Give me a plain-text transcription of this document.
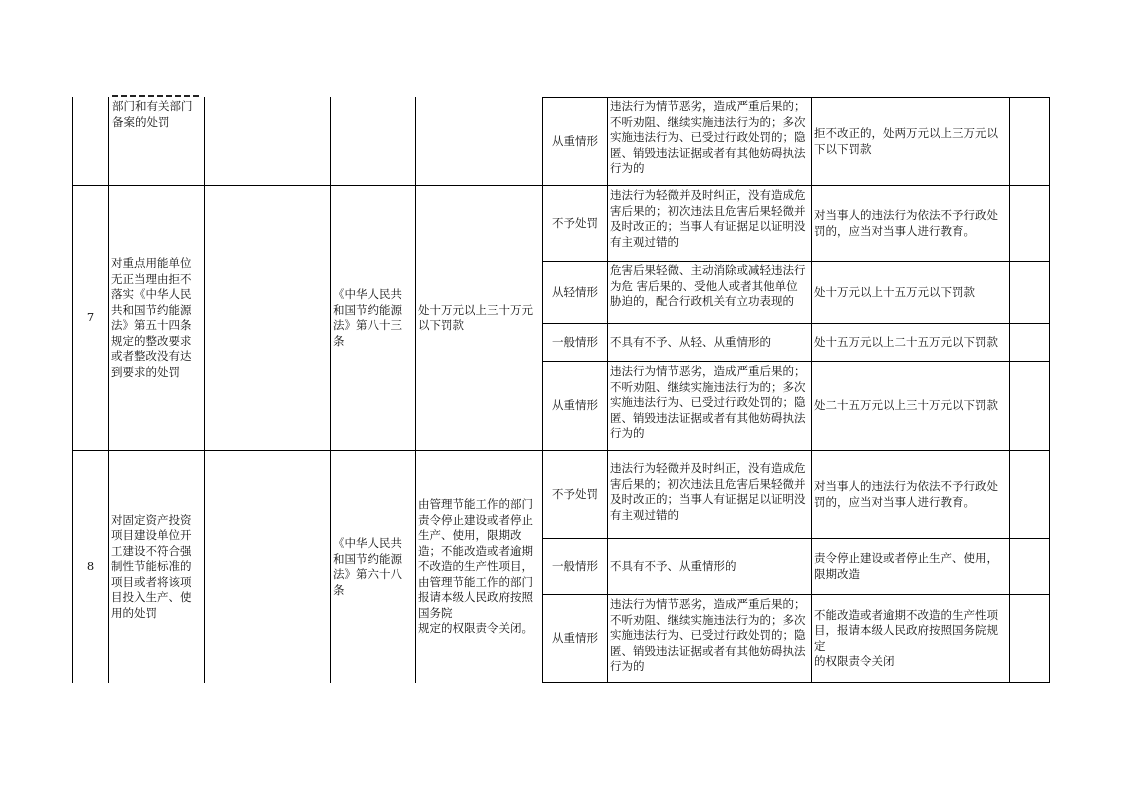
部门和有关部门
备案的处罚
从重情形
违法行为情节恶劣，造成严重后果的；不听劝阻、继续实施违法行为的；多次实施违法行为、已受过行政处罚的；隐匿、销毁违法证据或者有其他妨碍执法行为的
拒不改正的，处两万元以上三万元以下以下罚款
7
对重点用能单位无正当理由拒不落实《中华人民共和国节约能源法》第五十四条规定的整改要求或者整改没有达到要求的处罚
《中华人民共和国节约能源法》第八十三条
处十万元以上三十万元以下罚款
不予处罚
违法行为轻微并及时纠正，没有造成危害后果的；初次违法且危害后果轻微并及时改正的；当事人有证据足以证明没有主观过错的
对当事人的违法行为依法不予行政处罚的，应当对当事人进行教育。
从轻情形
危害后果轻微、主动消除或减轻违法行为危 害后果的、受他人或者其他单位胁迫的，配合行政机关有立功表现的
处十万元以上十五万元以下罚款
一般情形 不具有不予、从轻、从重情形的	处十五万元以上二十五万元以下罚款
从重情形
违法行为情节恶劣，造成严重后果的；不听劝阻、继续实施违法行为的；多次实施违法行为、已受过行政处罚的；隐匿、销毁违法证据或者有其他妨碍执法行为的
处二十五万元以上三十万元以下罚款
8
对固定资产投资项目建设单位开工建设不符合强制性节能标准的项目或者将该项目投入生产、使用的处罚
《中华人民共和国节约能源法》第六十八条
由管理节能工作的部门责令停止建设或者停止生产、使用，限期改造；不能改造或者逾期不改造的生产性项目，由管理节能工作的部门报请本级人民政府按照国务院
规定的权限责令关闭。
不予处罚
违法行为轻微并及时纠正，没有造成危害后果的；初次违法且危害后果轻微并及时改正的；当事人有证据足以证明没有主观过错的
对当事人的违法行为依法不予行政处罚的，应当对当事人进行教育。
一般情形 不具有不予、从重情形的
责令停止建设或者停止生产、使用，限期改造
从重情形
违法行为情节恶劣，造成严重后果的；不听劝阻、继续实施违法行为的；多次实施违法行为、已受过行政处罚的；隐匿、销毁违法证据或者有其他妨碍执法行为的
不能改造或者逾期不改造的生产性项目，报请本级人民政府按照国务院规定
的权限责令关闭
